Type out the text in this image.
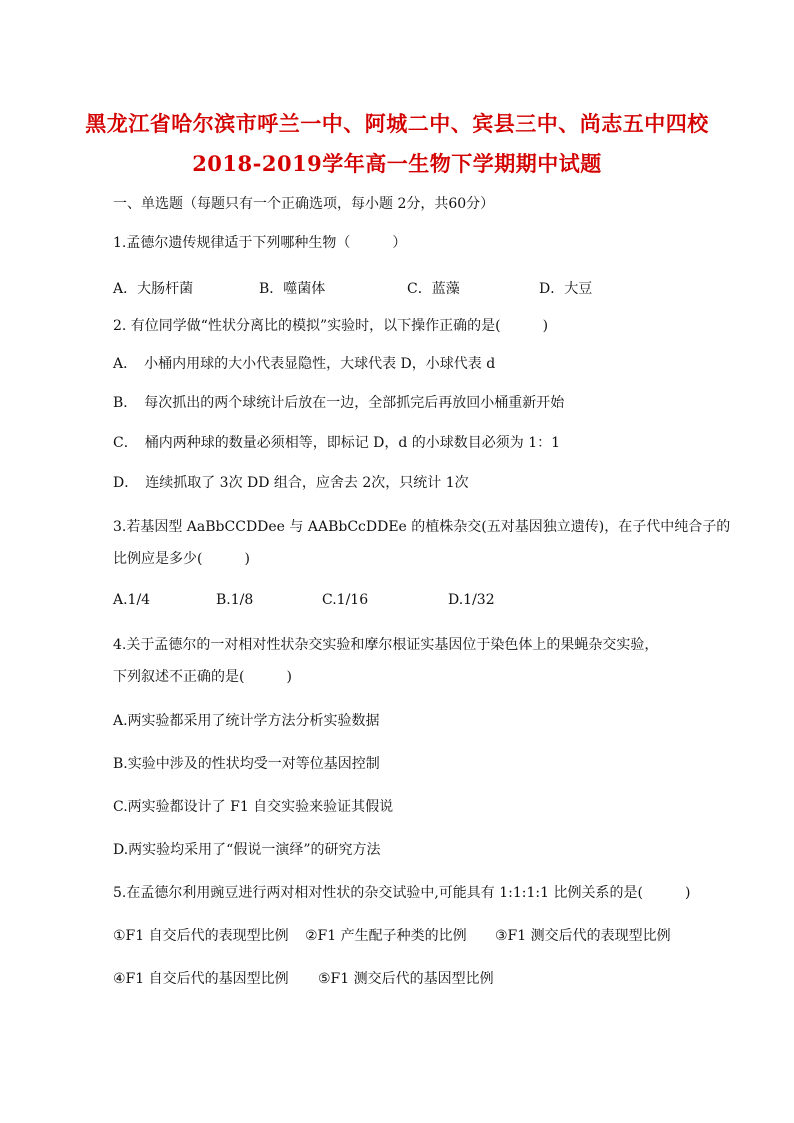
黑龙江省哈尔滨市呼兰一中、阿城二中、宾县三中、尚志五中四校
2018-2019学年高一生物下学期期中试题
一、单选题（每题只有一个正确选项，每小题 2分，共60分）
1.孟德尔遗传规律适于下列哪种生物（　　　）
A．大肠杆菌	B．噬菌体	C．蓝藻	D．大豆
2. 有位同学做“性状分离比的模拟”实验时，以下操作正确的是(　　　)
A．　小桶内用球的大小代表显隐性，大球代表 D，小球代表 d
B．　每次抓出的两个球统计后放在一边，全部抓完后再放回小桶重新开始
C．　桶内两种球的数量必须相等，即标记 D，d 的小球数目必须为 1：1
D．　连续抓取了 3次 DD 组合，应舍去 2次，只统计 1次
3.若基因型 AaBbCCDDee 与 AABbCcDDEe 的植株杂交(五对基因独立遗传)，在子代中纯合子的
比例应是多少(　　　)
A.1/4	B.1/8	C.1/16	D.1/32
4.关于孟德尔的一对相对性状杂交实验和摩尔根证实基因位于染色体上的果蝇杂交实验，
下列叙述不正确的是(　　　)
A.两实验都采用了统计学方法分析实验数据
B.实验中涉及的性状均受一对等位基因控制
C.两实验都设计了 F1 自交实验来验证其假说
D.两实验均采用了“假说一演绎”的研究方法
5.在孟德尔利用豌豆进行两对相对性状的杂交试验中,可能具有 1:1:1:1 比例关系的是(　　　)
①F1 自交后代的表现型比例 ②F1 产生配子种类的比例 ③F1 测交后代的表现型比例
④F1 自交后代的基因型比例 ⑤F1 测交后代的基因型比例
